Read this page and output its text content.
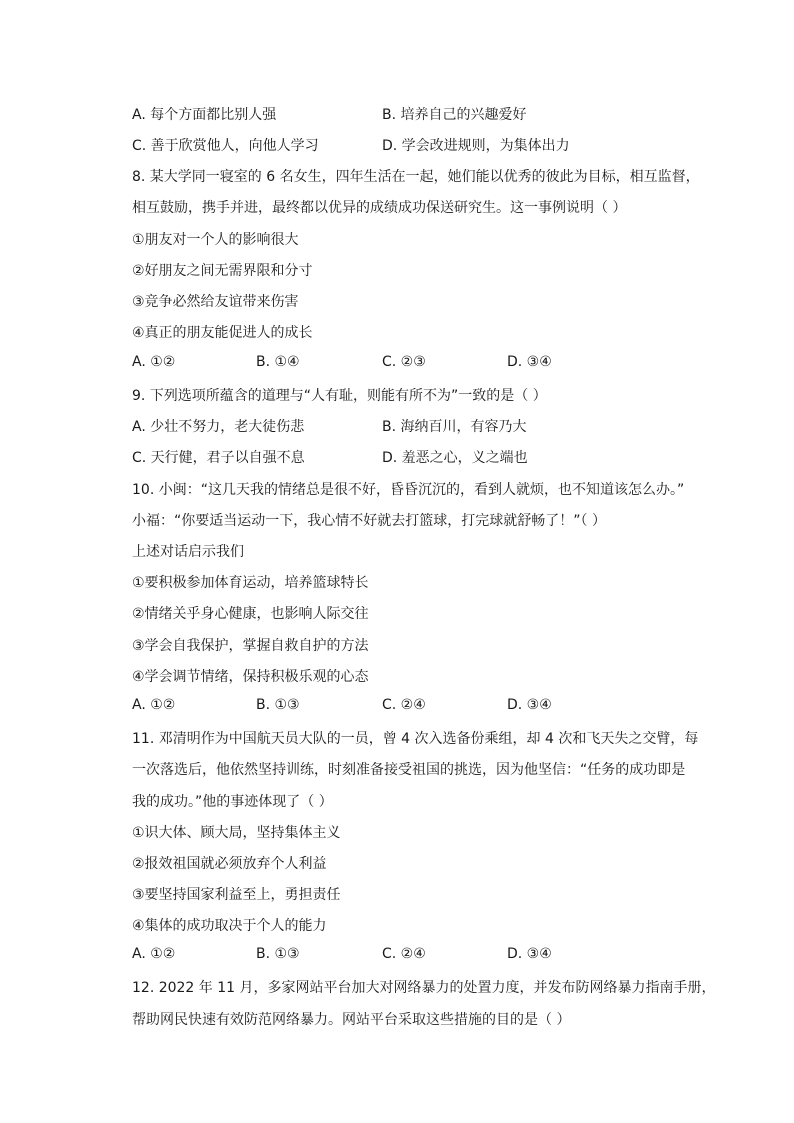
A. 每个方面都比别人强	B. 培养自己的兴趣爱好
C. 善于欣赏他人，向他人学习	D. 学会改进规则，为集体出力
8. 某大学同一寝室的 6 名女生，四年生活在一起，她们能以优秀的彼此为目标，相互监督，
相互鼓励，携手并进，最终都以优异的成绩成功保送研究生。这一事例说明（ ）
①朋友对一个人的影响很大
②好朋友之间无需界限和分寸
③竞争必然给友谊带来伤害
④真正的朋友能促进人的成长
A. ①②	B. ①④	C. ②③	D. ③④
9. 下列选项所蕴含的道理与“人有耻，则能有所不为”一致的是（ ）
A. 少壮不努力，老大徒伤悲	B. 海纳百川，有容乃大
C. 天行健，君子以自强不息	D. 羞恶之心，义之端也
10. 小闽：“这几天我的情绪总是很不好，昏昏沉沉的，看到人就烦，也不知道该怎么办。”
小福：“你要适当运动一下，我心情不好就去打篮球，打完球就舒畅了！”（ ）
上述对话启示我们
①要积极参加体育运动，培养篮球特长
②情绪关乎身心健康，也影响人际交往
③学会自我保护，掌握自救自护的方法
④学会调节情绪，保持积极乐观的心态
A. ①②	B. ①③	C. ②④	D. ③④
11. 邓清明作为中国航天员大队的一员，曾 4 次入选备份乘组，却 4 次和飞天失之交臂，每
一次落选后，他依然坚持训练，时刻准备接受祖国的挑选，因为他坚信：“任务的成功即是
我的成功。”他的事迹体现了（ ）
①识大体、顾大局，坚持集体主义
②报效祖国就必须放弃个人利益
③要坚持国家利益至上，勇担责任
④集体的成功取决于个人的能力
A. ①②	B. ①③	C. ②④	D. ③④
12. 2022 年 11 月，多家网站平台加大对网络暴力的处置力度，并发布防网络暴力指南手册，
帮助网民快速有效防范网络暴力。网站平台采取这些措施的目的是（ ）
